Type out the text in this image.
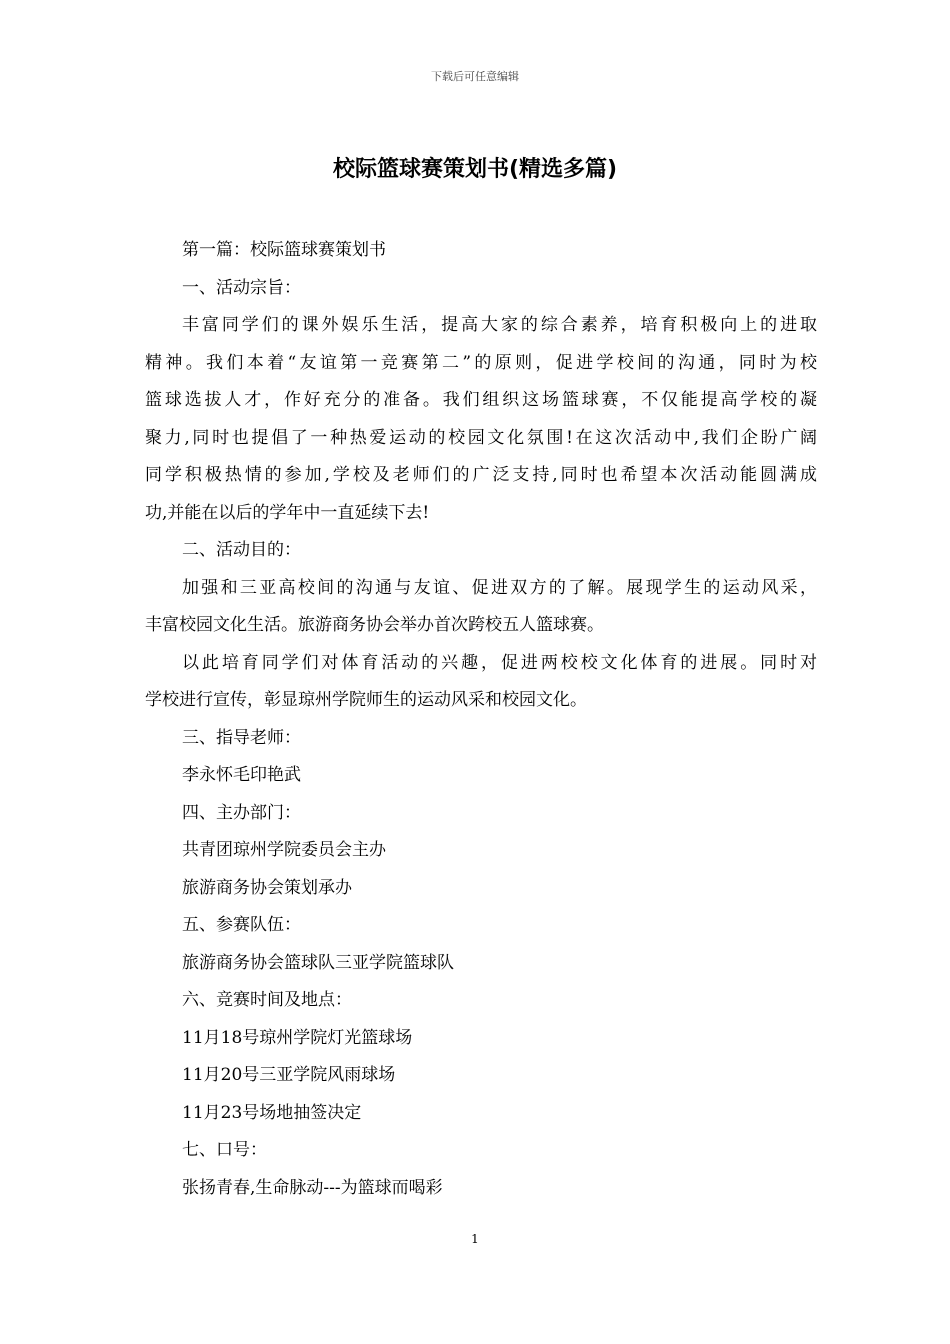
下载后可任意编辑
校际篮球赛策划书(精选多篇)
第一篇：校际篮球赛策划书
一、活动宗旨：
丰富同学们的课外娱乐生活，提高大家的综合素养，培育积极向上的进取
精神。我们本着“友谊第一竞赛第二”的原则，促进学校间的沟通，同时为校
篮球选拔人才，作好充分的准备。我们组织这场篮球赛，不仅能提高学校的凝
聚力,同时也提倡了一种热爱运动的校园文化氛围!在这次活动中,我们企盼广阔
同学积极热情的参加,学校及老师们的广泛支持,同时也希望本次活动能圆满成
功,并能在以后的学年中一直延续下去!
二、活动目的：
加强和三亚高校间的沟通与友谊、促进双方的了解。展现学生的运动风采，
丰富校园文化生活。旅游商务协会举办首次跨校五人篮球赛。
以此培育同学们对体育活动的兴趣，促进两校校文化体育的进展。同时对
学校进行宣传，彰显琼州学院师生的运动风采和校园文化。
三、指导老师：
李永怀毛印艳武
四、主办部门：
共青团琼州学院委员会主办
旅游商务协会策划承办
五、参赛队伍：
旅游商务协会篮球队三亚学院篮球队
六、竞赛时间及地点：
11月18号琼州学院灯光篮球场
11月20号三亚学院风雨球场
11月23号场地抽签决定
七、口号：
张扬青春,生命脉动---为篮球而喝彩
1
